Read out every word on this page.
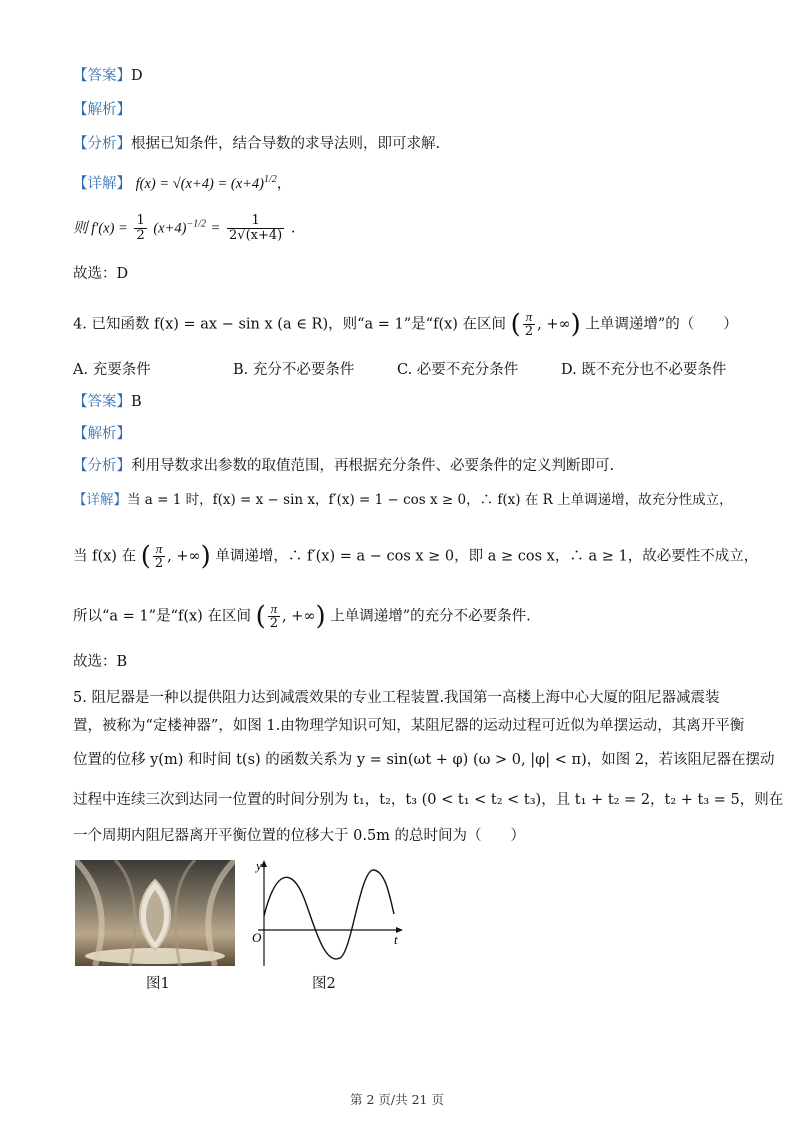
【答案】D
【解析】
【分析】根据已知条件，结合导数的求导法则，即可求解.
【详解】 $f(x) = √(x+4) = (x+4)^{1/2}$，
则 $f'(x) = \frac{1}{2} (x+4)^{-1/2} = \frac{1}{2√(x+4)}$ .
故选：D
4. 已知函数 f(x) = ax − sin x (a ∈ R)，则“a = 1”是“f(x) 在区间 ( $\frac{\pi}{2}$ , +∞) 上单调递增”的（　　）
A. 充要条件	B. 充分不必要条件	C. 必要不充分条件	D. 既不充分也不必要条件
【答案】B
【解析】
【分析】利用导数求出参数的取值范围，再根据充分条件、必要条件的定义判断即可.
【详解】当 a = 1 时，f(x) = x − sin x，f′(x) = 1 − cos x ≥ 0，∴ f(x) 在 R 上单调递增，故充分性成立，
当 f(x) 在 ( $\frac{\pi}{2}$ , +∞) 单调递增，∴ f′(x) = a − cos x ≥ 0，即 a ≥ cos x，∴ a ≥ 1，故必要性不成立，
所以“a = 1”是“f(x) 在区间 ( $\frac{\pi}{2}$ , +∞) 上单调递增”的充分不必要条件.
故选：B
5. 阻尼器是一种以提供阻力达到减震效果的专业工程装置.我国第一高楼上海中心大厦的阻尼器减震装
置，被称为“定楼神器”，如图 1.由物理学知识可知，某阻尼器的运动过程可近似为单摆运动，其离开平衡
位置的位移 y(m) 和时间 t(s) 的函数关系为 y = sin(ωt + φ) (ω > 0, |φ| < π)，如图 2，若该阻尼器在摆动
过程中连续三次到达同一位置的时间分别为 t₁，t₂，t₃ (0 < t₁ < t₂ < t₃)，且 t₁ + t₂ = 2，t₂ + t₃ = 5，则在
一个周期内阻尼器离开平衡位置的位移大于 0.5m 的总时间为（　　）
图1
y
t
O
图2
第 2 页/共 21 页
